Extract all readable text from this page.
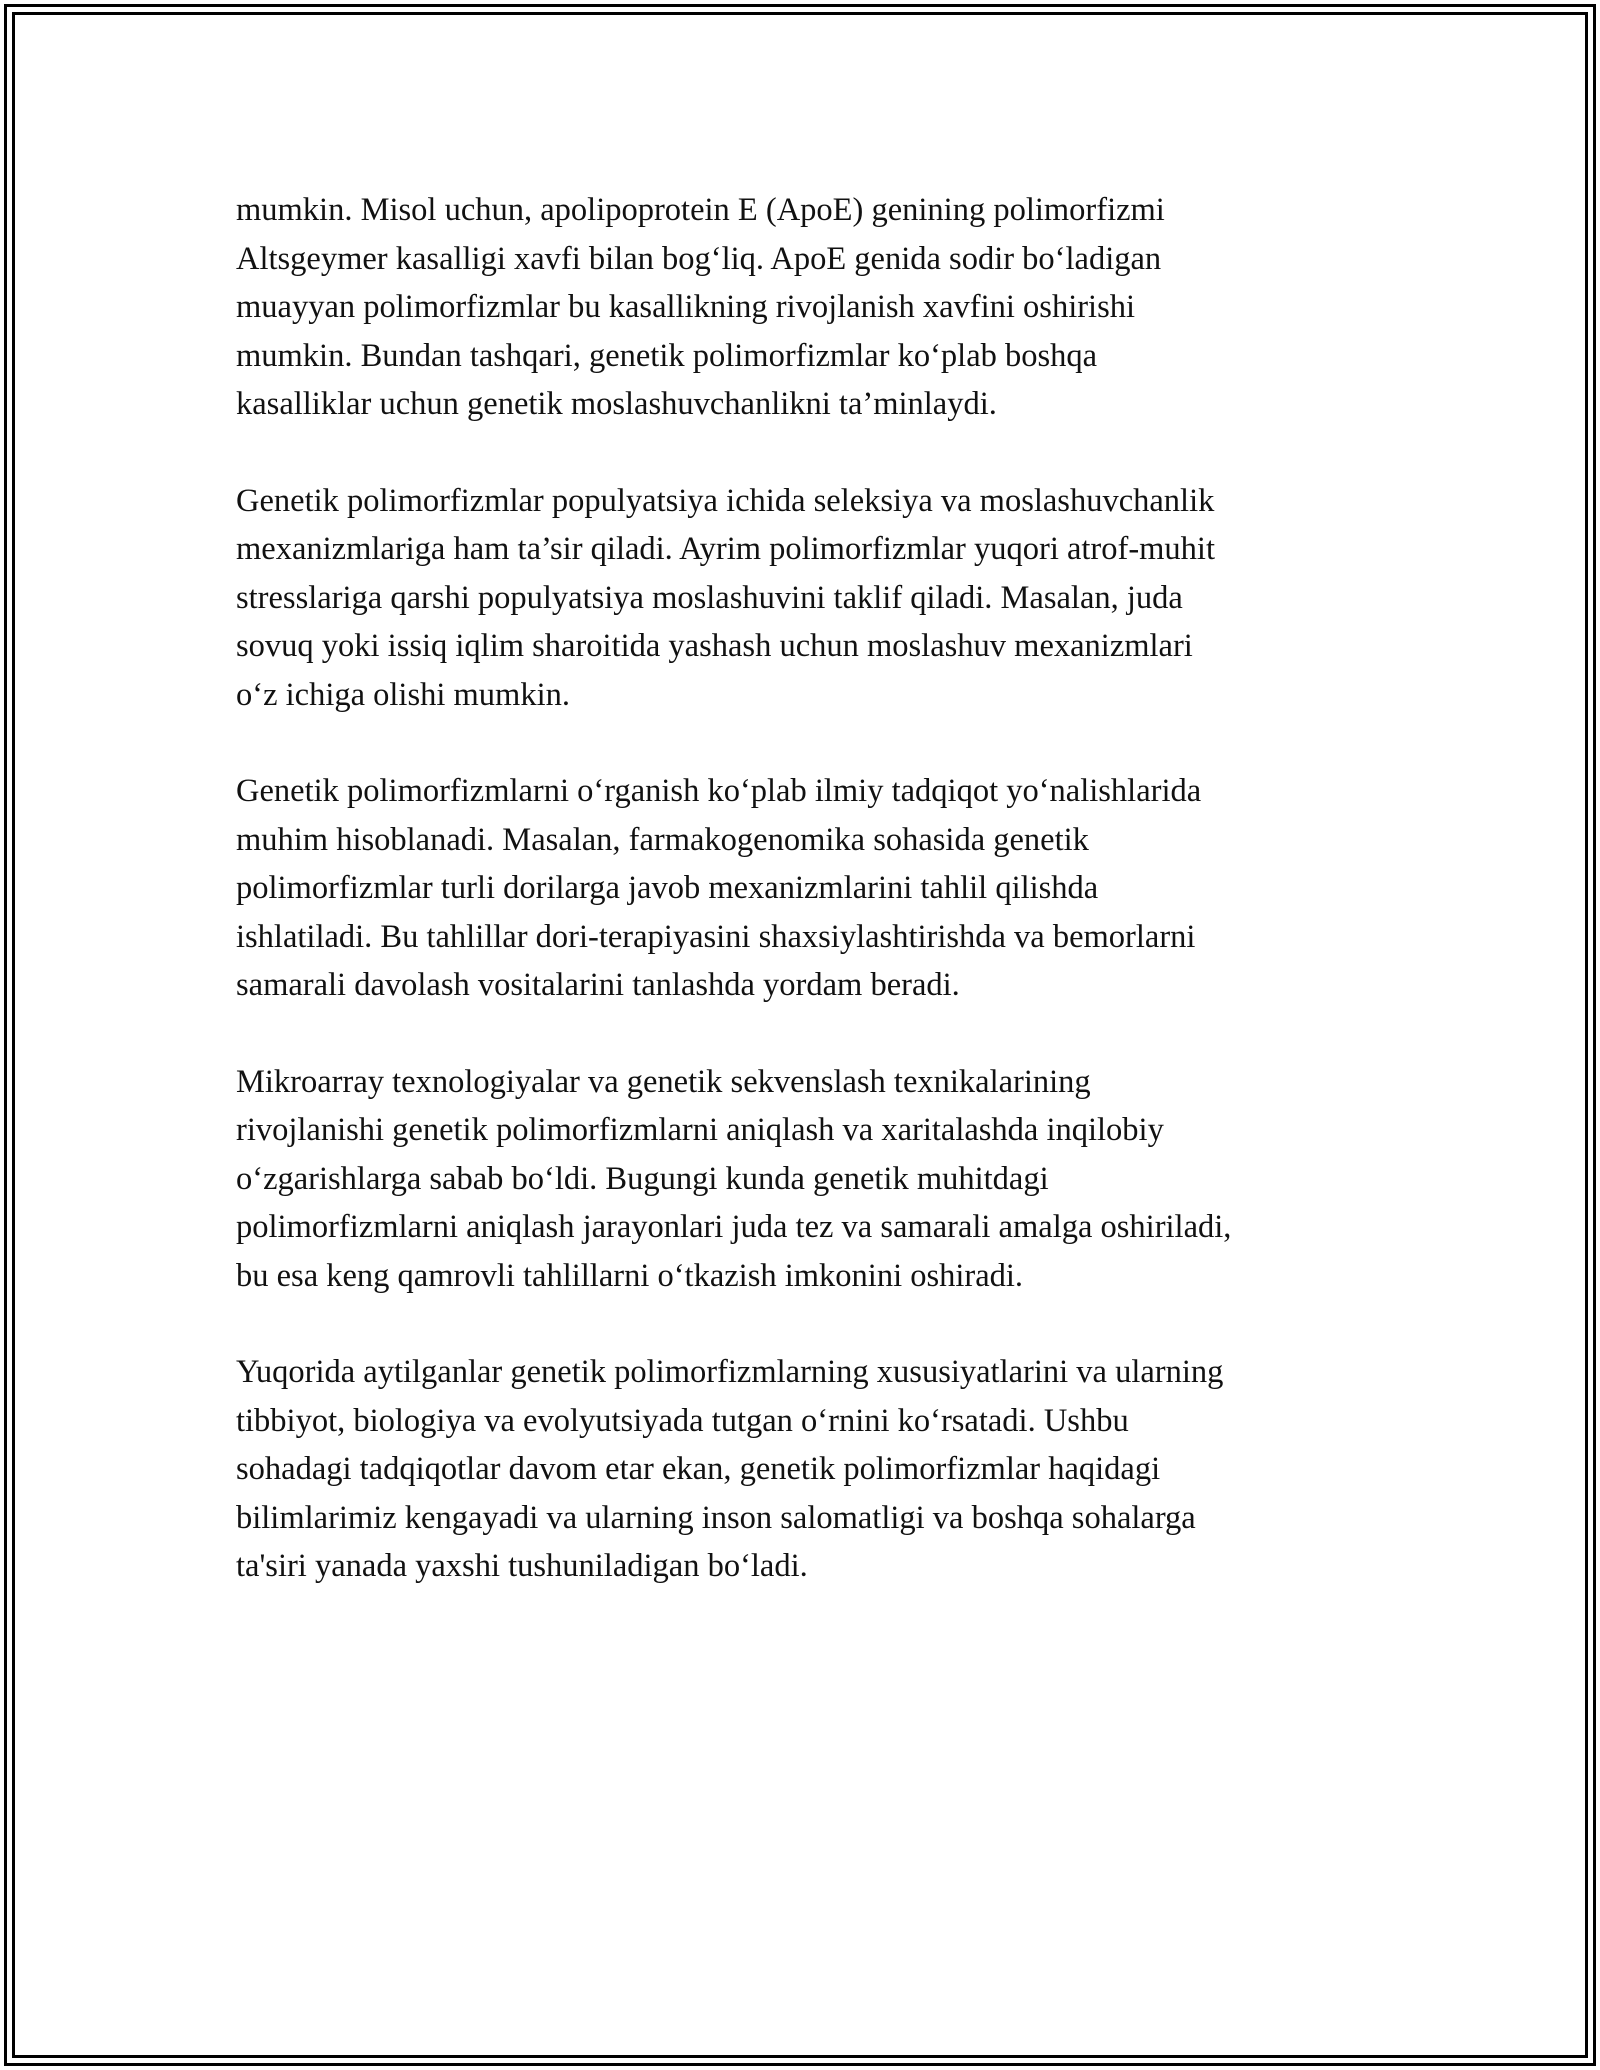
mumkin. Misol uchun, apolipoprotein E (ApoE) genining polimorfizmi
Altsgeymer kasalligi xavfi bilan bog‘liq. ApoE genida sodir bo‘ladigan
muayyan polimorfizmlar bu kasallikning rivojlanish xavfini oshirishi
mumkin. Bundan tashqari, genetik polimorfizmlar ko‘plab boshqa
kasalliklar uchun genetik moslashuvchanlikni ta’minlaydi.

Genetik polimorfizmlar populyatsiya ichida seleksiya va moslashuvchanlik
mexanizmlariga ham ta’sir qiladi. Ayrim polimorfizmlar yuqori atrof-muhit
stresslariga qarshi populyatsiya moslashuvini taklif qiladi. Masalan, juda
sovuq yoki issiq iqlim sharoitida yashash uchun moslashuv mexanizmlari
o‘z ichiga olishi mumkin.

Genetik polimorfizmlarni o‘rganish ko‘plab ilmiy tadqiqot yo‘nalishlarida
muhim hisoblanadi. Masalan, farmakogenomika sohasida genetik
polimorfizmlar turli dorilarga javob mexanizmlarini tahlil qilishda
ishlatiladi. Bu tahlillar dori-terapiyasini shaxsiylashtirishda va bemorlarni
samarali davolash vositalarini tanlashda yordam beradi.

Mikroarray texnologiyalar va genetik sekvenslash texnikalarining
rivojlanishi genetik polimorfizmlarni aniqlash va xaritalashda inqilobiy
o‘zgarishlarga sabab bo‘ldi. Bugungi kunda genetik muhitdagi
polimorfizmlarni aniqlash jarayonlari juda tez va samarali amalga oshiriladi,
bu esa keng qamrovli tahlillarni o‘tkazish imkonini oshiradi.

Yuqorida aytilganlar genetik polimorfizmlarning xususiyatlarini va ularning
tibbiyot, biologiya va evolyutsiyada tutgan o‘rnini ko‘rsatadi. Ushbu
sohadagi tadqiqotlar davom etar ekan, genetik polimorfizmlar haqidagi
bilimlarimiz kengayadi va ularning inson salomatligi va boshqa sohalarga
ta'siri yanada yaxshi tushuniladigan bo‘ladi.
